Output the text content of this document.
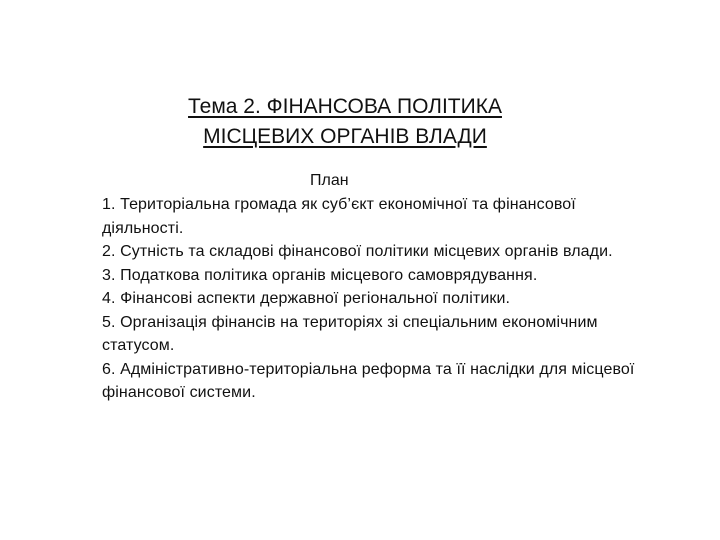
Тема 2. ФІНАНСОВА ПОЛІТИКА
МІСЦЕВИХ ОРГАНІВ ВЛАДИ

План

1. Територіальна громада як суб’єкт економічної та фінансової діяльності.
2. Сутність та складові фінансової політики місцевих органів влади.
3. Податкова політика органів місцевого самоврядування.
4. Фінансові аспекти державної регіональної політики.
5. Організація фінансів на територіях зі спеціальним економічним статусом.
6. Адміністративно-територіальна реформа та її наслідки для місцевої фінансової системи.
